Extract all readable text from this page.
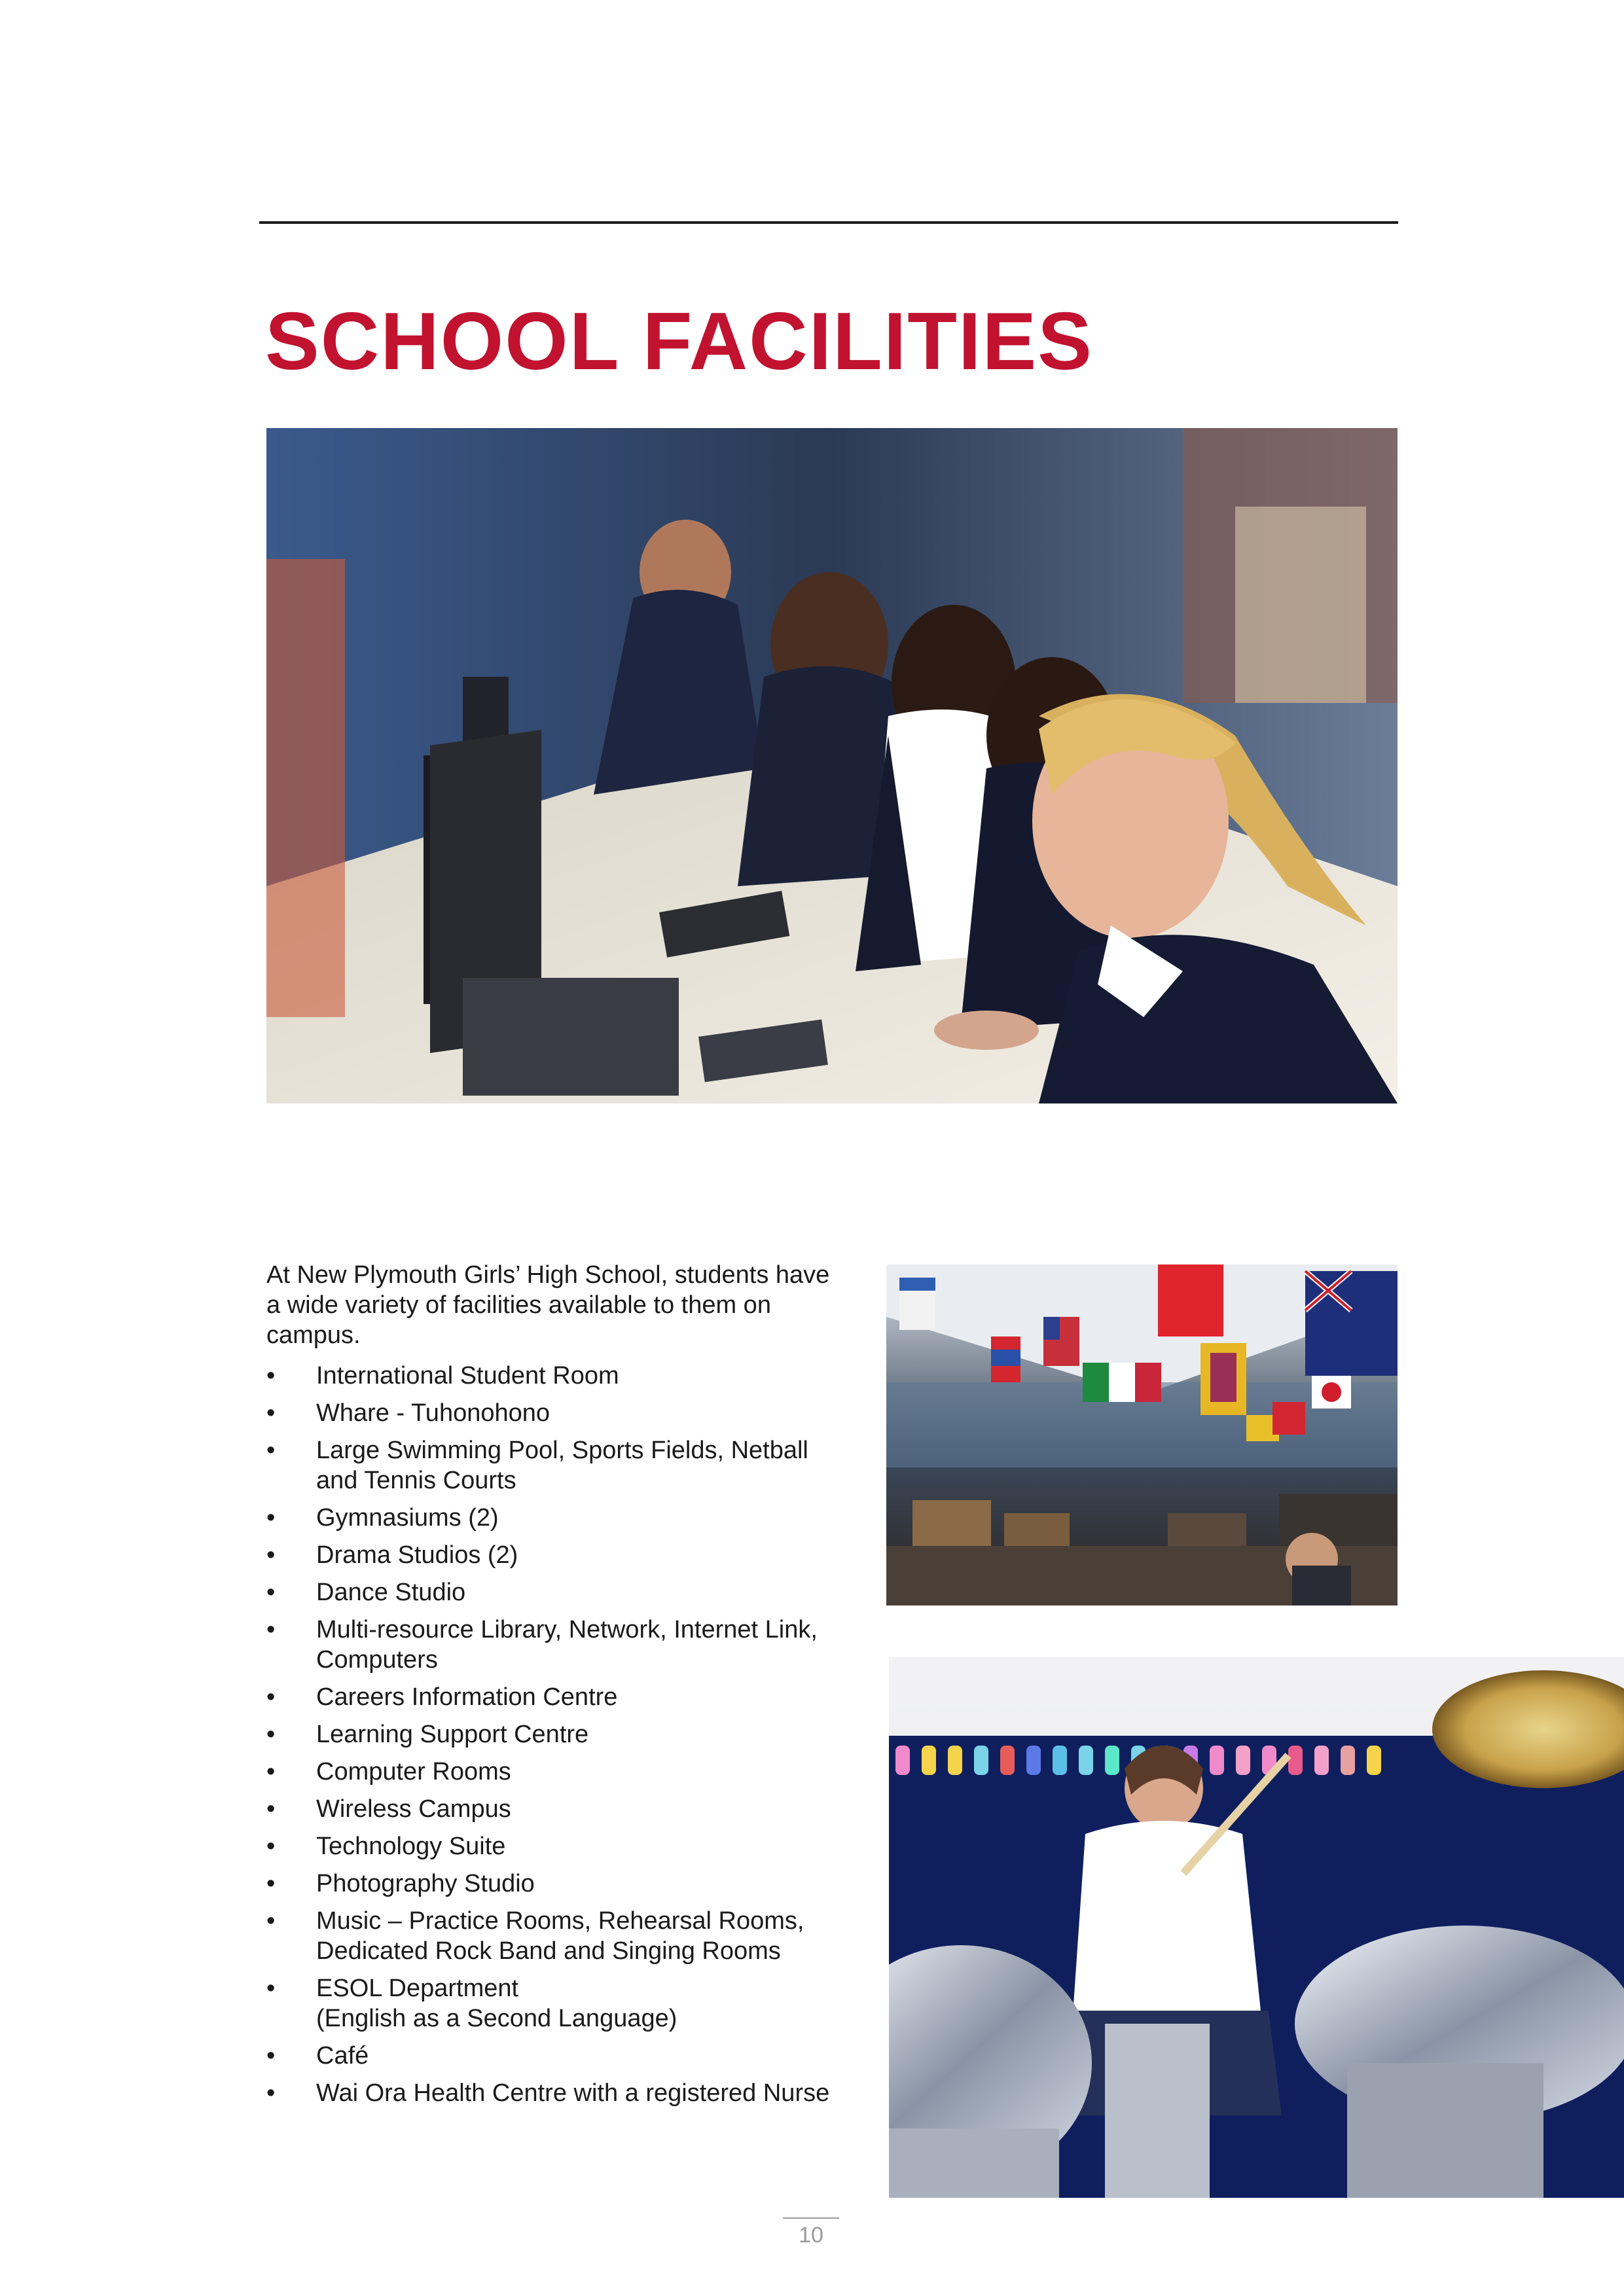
SCHOOL FACILITIES

At New Plymouth Girls’ High School, students have a wide variety of facilities available to them on campus.

• International Student Room
• Whare - Tuhonohono
• Large Swimming Pool, Sports Fields, Netball and Tennis Courts
• Gymnasiums (2)
• Drama Studios (2)
• Dance Studio
• Multi-resource Library, Network, Internet Link, Computers
• Careers Information Centre
• Learning Support Centre
• Computer Rooms
• Wireless Campus
• Technology Suite
• Photography Studio
• Music – Practice Rooms, Rehearsal Rooms, Dedicated Rock Band and Singing Rooms
• ESOL Department
(English as a Second Language)
• Café
• Wai Ora Health Centre with a registered Nurse
10
